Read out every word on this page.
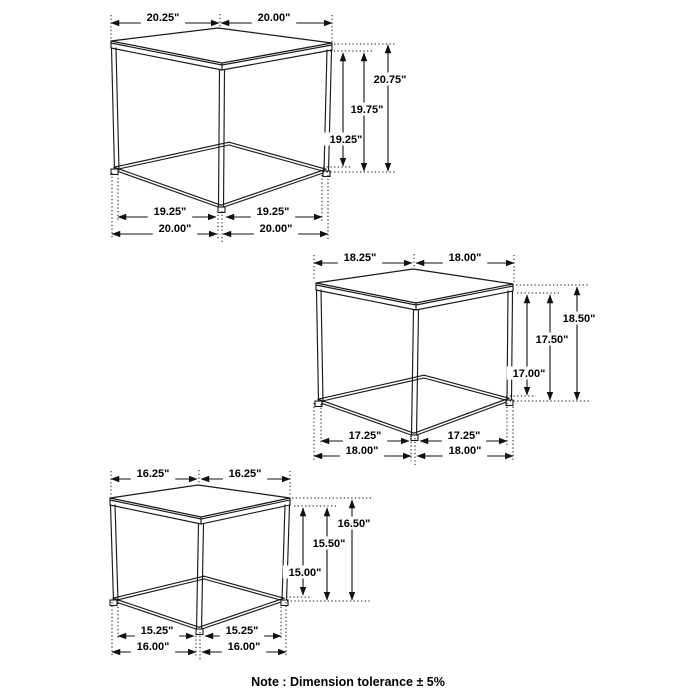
20.25"	20.00"
19.25"
19.75"
20.75"
19.25"	19.25"
20.00"	20.00"
18.25"	18.00"
17.00"
17.50"
18.50"
17.25"	17.25"
18.00"	18.00"
16.25"	16.25"
15.00"
15.50"
16.50"
15.25"	15.25"
16.00"	16.00"
Note : Dimension tolerance ± 5%
